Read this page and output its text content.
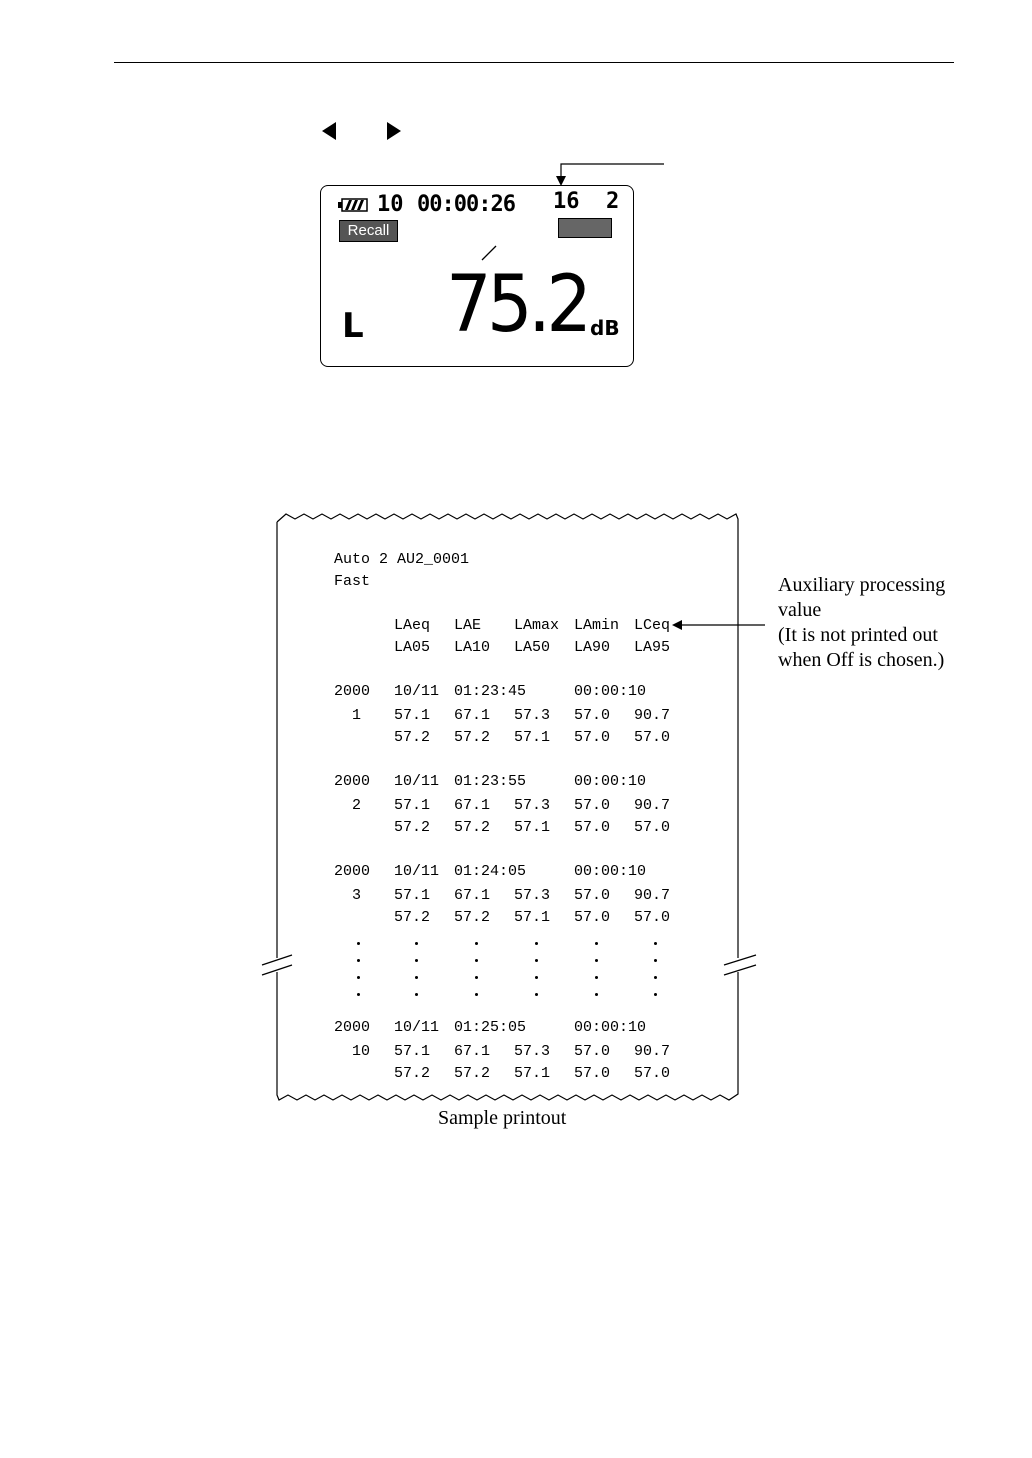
10 00:00:26 16 2
Recall
L 75.2 dB
Auto 2 AU2_0001
Fast
LAeq LAE LAmax LAmin LCeq
LA05 LA10 LA50 LA90 LA95
2000 10/11 01:23:45	00:00:10
1 57.1 67.1 57.3 57.0 90.7
57.2 57.2 57.1 57.0 57.0
2000 10/11 01:23:55	00:00:10
2 57.1 67.1 57.3 57.0 90.7
57.2 57.2 57.1 57.0 57.0
2000 10/11 01:24:05	00:00:10
3 57.1 67.1 57.3 57.0 90.7
57.2 57.2 57.1 57.0 57.0
2000 10/11 01:25:05	00:00:10
10 57.1 67.1 57.3 57.0 90.7
57.2 57.2 57.1 57.0 57.0
Sample printout
Auxiliary processing
value
(It is not printed out
when Off is chosen.)
